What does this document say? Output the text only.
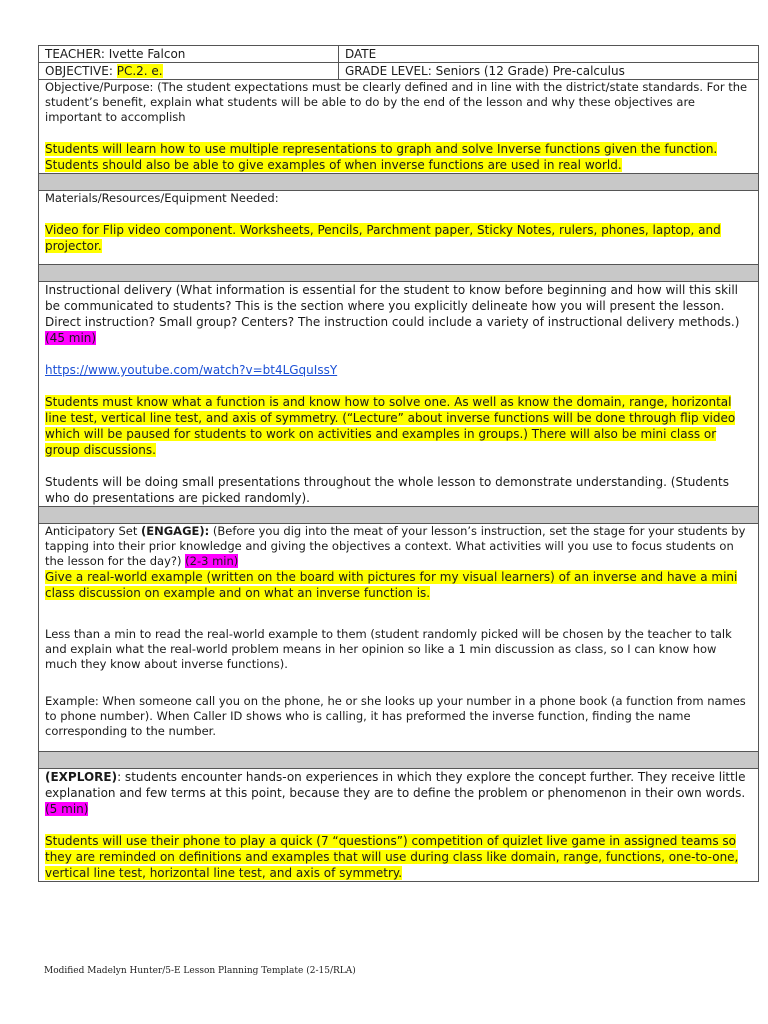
TEACHER: Ivette Falcon	DATE
OBJECTIVE: PC.2. e.	GRADE LEVEL: Seniors (12 Grade) Pre-calculus

Objective/Purpose: (The student expectations must be clearly defined and in line with the district/state standards. For the student’s benefit, explain what students will be able to do by the end of the lesson and why these objectives are important to accomplish

Students will learn how to use multiple representations to graph and solve Inverse functions given the function. Students should also be able to give examples of when inverse functions are used in real world.	

Materials/Resources/Equipment Needed:

Video for Flip video component. Worksheets, Pencils, Parchment paper, Sticky Notes, rulers, phones, laptop, and projector.	

Instructional delivery (What information is essential for the student to know before beginning and how will this skill be communicated to students? This is the section where you explicitly delineate how you will present the lesson. Direct instruction? Small group? Centers? The instruction could include a variety of instructional delivery methods.)

(45 min)

https://www.youtube.com/watch?v=bt4LGquIssY

Students must know what a function is and know how to solve one. As well as know the domain, range, horizontal line test, vertical line test, and axis of symmetry. (“Lecture” about inverse functions will be done through flip video which will be paused for students to work on activities and examples in groups.) There will also be mini class or group discussions.

Students will be doing small presentations throughout the whole lesson to demonstrate understanding. (Students who do presentations are picked randomly).	

Anticipatory Set (ENGAGE): (Before you dig into the meat of your lesson’s instruction, set the stage for your students by tapping into their prior knowledge and giving the objectives a context. What activities will you use to focus students on the lesson for the day?) (2-3 min)

Give a real-world example (written on the board with pictures for my visual learners) of an inverse and have a mini class discussion on example and on what an inverse function is.

Less than a min to read the real-world example to them (student randomly picked will be chosen by the teacher to talk and explain what the real-world problem means in her opinion so like a 1 min discussion as class, so I can know how much they know about inverse functions).

Example: When someone call you on the phone, he or she looks up your number in a phone book (a function from names to phone number). When Caller ID shows who is calling, it has preformed the inverse function, finding the name corresponding to the number.	

(EXPLORE): students encounter hands-on experiences in which they explore the concept further. They receive little explanation and few terms at this point, because they are to define the problem or phenomenon in their own words. (5 min)

Students will use their phone to play a quick (7 “questions”) competition of quizlet live game in assigned teams so they are reminded on definitions and examples that will use during class like domain, range, functions, one-to-one, vertical line test, horizontal line test, and axis of symmetry.	

Modified Madelyn Hunter/5-E Lesson Planning Template (2-15/RLA)
